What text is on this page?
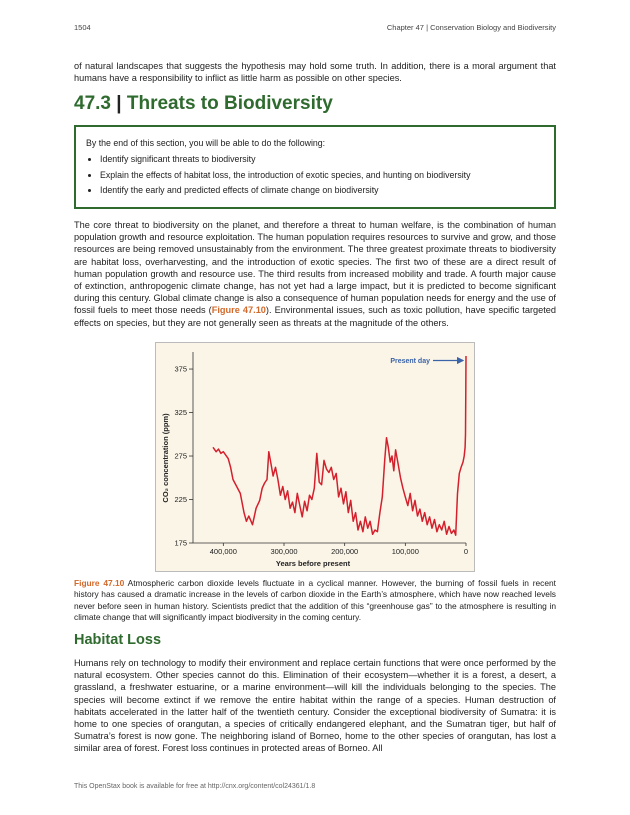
1504	Chapter 47 | Conservation Biology and Biodiversity

of natural landscapes that suggests the hypothesis may hold some truth. In addition, there is a moral argument that humans have a responsibility to inflict as little harm as possible on other species.

47.3 | Threats to Biodiversity

By the end of this section, you will be able to do the following:

• Identify significant threats to biodiversity
• Explain the effects of habitat loss, the introduction of exotic species, and hunting on biodiversity
• Identify the early and predicted effects of climate change on biodiversity

The core threat to biodiversity on the planet, and therefore a threat to human welfare, is the combination of human population growth and resource exploitation. The human population requires resources to survive and grow, and those resources are being removed unsustainably from the environment. The three greatest proximate threats to biodiversity are habitat loss, overharvesting, and the introduction of exotic species. The first two of these are a direct result of human population growth and resource use. The third results from increased mobility and trade. A fourth major cause of extinction, anthropogenic climate change, has not yet had a large impact, but it is predicted to become significant during this century. Global climate change is also a consequence of human population needs for energy and the use of fossil fuels to meet those needs (Figure 47.10). Environmental issues, such as toxic pollution, have specific targeted effects on species, but they are not generally seen as threats at the magnitude of the others.

175
225
275
325
375
400,000	300,000	200,000	100,000	0
CO₂ concentration (ppm)
Years before present
Present day

Figure 47.10 Atmospheric carbon dioxide levels fluctuate in a cyclical manner. However, the burning of fossil fuels in recent history has caused a dramatic increase in the levels of carbon dioxide in the Earth’s atmosphere, which have now reached levels never before seen in human history. Scientists predict that the addition of this “greenhouse gas” to the atmosphere is resulting in climate change that will significantly impact biodiversity in the coming century.

Habitat Loss

Humans rely on technology to modify their environment and replace certain functions that were once performed by the natural ecosystem. Other species cannot do this. Elimination of their ecosystem—whether it is a forest, a desert, a grassland, a freshwater estuarine, or a marine environment—will kill the individuals belonging to the species. The species will become extinct if we remove the entire habitat within the range of a species. Human destruction of habitats accelerated in the latter half of the twentieth century. Consider the exceptional biodiversity of Sumatra: it is home to one species of orangutan, a species of critically endangered elephant, and the Sumatran tiger, but half of Sumatra’s forest is now gone. The neighboring island of Borneo, home to the other species of orangutan, has lost a similar area of forest. Forest loss continues in protected areas of Borneo. All

This OpenStax book is available for free at http://cnx.org/content/col24361/1.8
